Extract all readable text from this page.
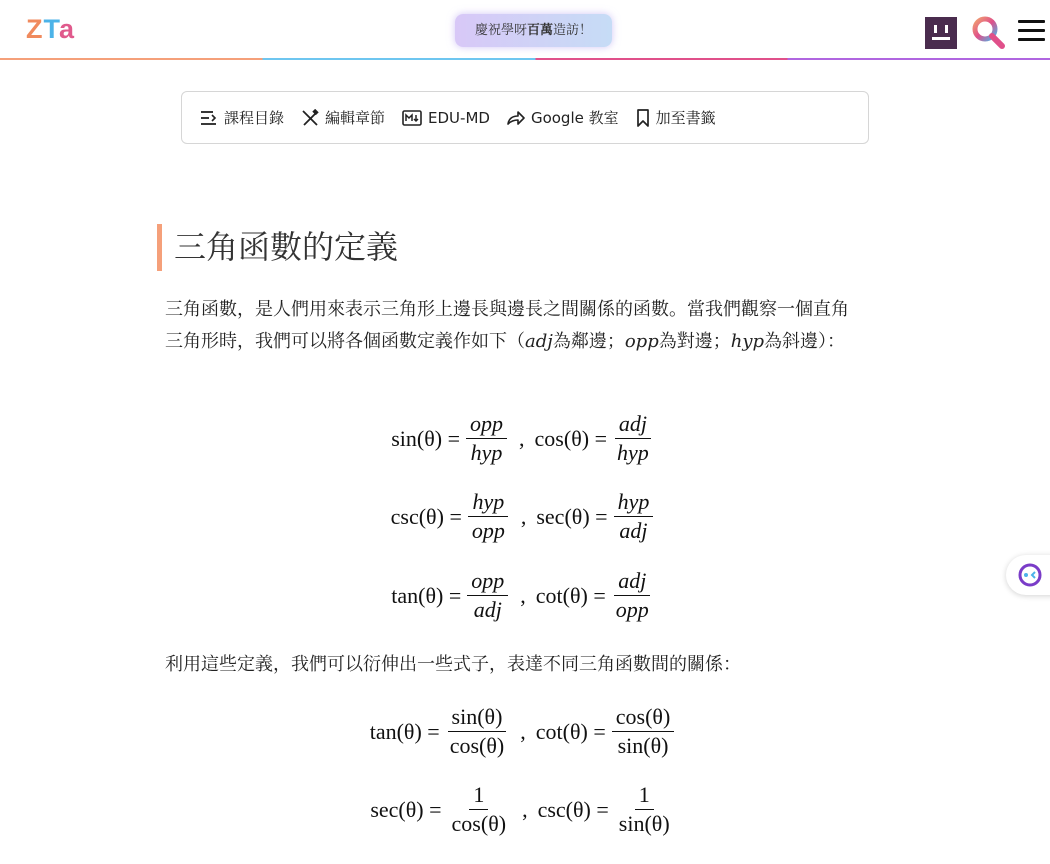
ZTa	慶祝學呀百萬造訪！
課程目錄	編輯章節	EDU-MD	Google 教室 加至書籤
三角函數的定義
三角函數，是人們用來表示三角形上邊長與邊長之間關係的函數。當我們觀察一個直角三角形時，我們可以將各個函數定義作如下（adj為鄰邊；opp為對邊；hyp為斜邊）：
sin (θ)
= $\frac{\text{opp}}{\text{hyp}}$ , cos (θ)
= $\frac{\text{adj}}{\text{hyp}}$
csc (θ)
= $\frac{\text{hyp}}{\text{opp}}$ , sec (θ)
= $\frac{\text{hyp}}{\text{adj}}$
tan (θ)
= $\frac{\text{opp}}{\text{adj}}$ , cot (θ)
= $\frac{\text{adj}}{\text{opp}}$
利用這些定義，我們可以衍伸出一些式子，表達不同三角函數間的關係：
tan (θ)
= $\frac{\sin(\theta)}{\cos(\theta)}$ , cot (θ)
= $\frac{\cos(\theta)}{\sin(\theta)}$
sec (θ)
= $\frac{1}{\cos(\theta)}$ , csc (θ)
= $\frac{1}{\sin(\theta)}$
